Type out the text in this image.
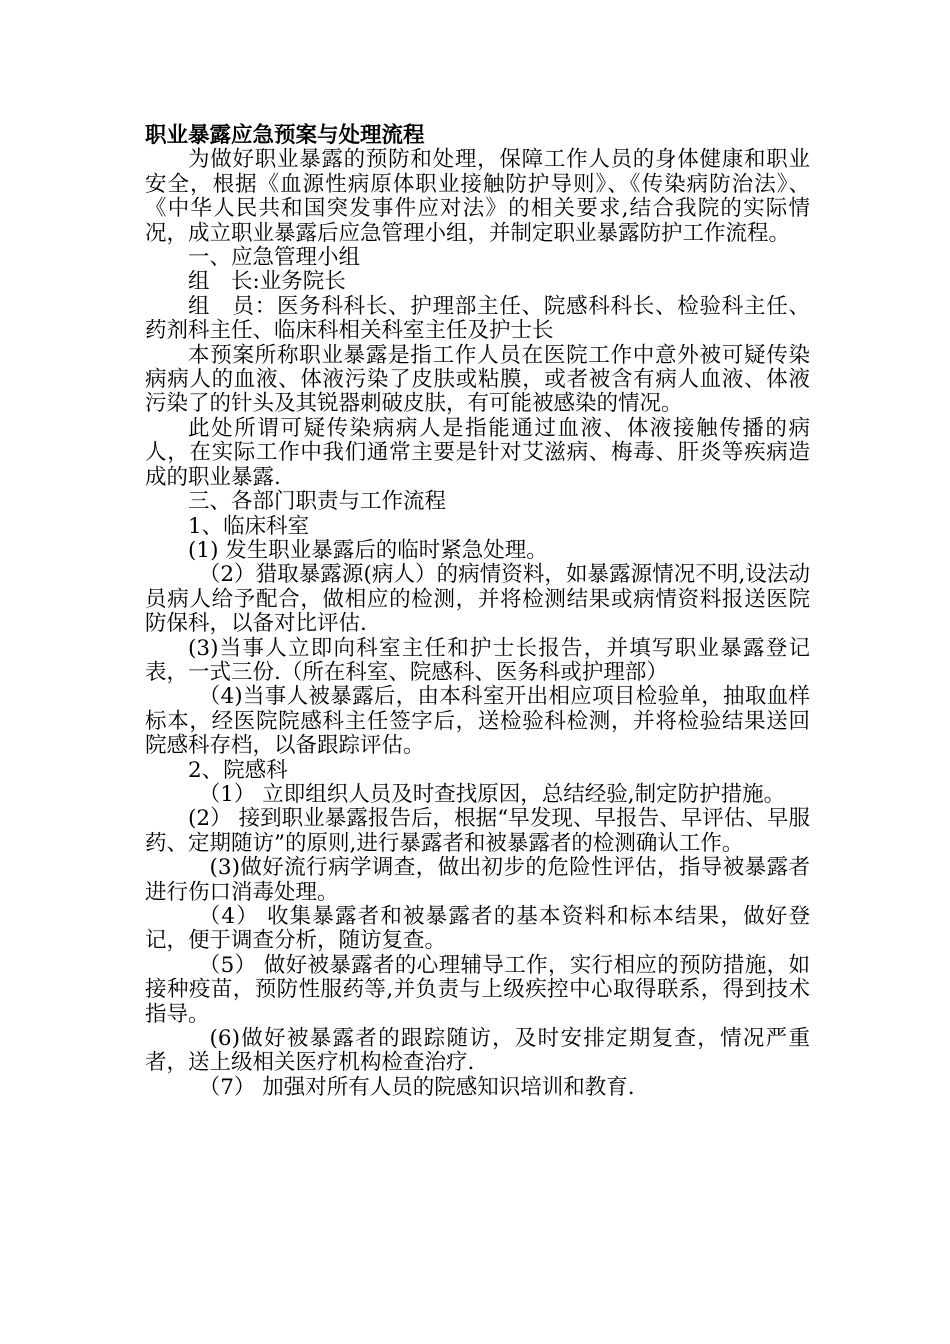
职业暴露应急预案与处理流程

为做好职业暴露的预防和处理，保障工作人员的身体健康和职业安全，根据《血源性病原体职业接触防护导则》、《传染病防治法》、《中华人民共和国突发事件应对法》的相关要求,结合我院的实际情况，成立职业暴露后应急管理小组，并制定职业暴露防护工作流程。

一、应急管理小组

组　长:业务院长

组　员：医务科科长、护理部主任、院感科科长、检验科主任、药剂科主任、临床科相关科室主任及护士长

本预案所称职业暴露是指工作人员在医院工作中意外被可疑传染病病人的血液、体液污染了皮肤或粘膜，或者被含有病人血液、体液污染了的针头及其锐器刺破皮肤，有可能被感染的情况。

此处所谓可疑传染病病人是指能通过血液、体液接触传播的病人，在实际工作中我们通常主要是针对艾滋病、梅毒、肝炎等疾病造成的职业暴露.

三、各部门职责与工作流程

1、临床科室

(1) 发生职业暴露后的临时紧急处理。

（2）猎取暴露源(病人）的病情资料，如暴露源情况不明,设法动员病人给予配合，做相应的检测，并将检测结果或病情资料报送医院防保科，以备对比评估.

(3)当事人立即向科室主任和护士长报告，并填写职业暴露登记表，一式三份.（所在科室、院感科、医务科或护理部）

（4)当事人被暴露后，由本科室开出相应项目检验单，抽取血样标本，经医院院感科主任签字后，送检验科检测，并将检验结果送回院感科存档，以备跟踪评估。

2、院感科

（1） 立即组织人员及时查找原因，总结经验,制定防护措施。

(2） 接到职业暴露报告后，根据“早发现、早报告、早评估、早服药、定期随访”的原则,进行暴露者和被暴露者的检测确认工作。

(3)做好流行病学调查，做出初步的危险性评估，指导被暴露者进行伤口消毒处理。

（4） 收集暴露者和被暴露者的基本资料和标本结果，做好登记，便于调查分析，随访复查。

（5） 做好被暴露者的心理辅导工作，实行相应的预防措施，如接种疫苗，预防性服药等,并负责与上级疾控中心取得联系，得到技术指导。

(6)做好被暴露者的跟踪随访，及时安排定期复查，情况严重者，送上级相关医疗机构检查治疗.

（7） 加强对所有人员的院感知识培训和教育.
